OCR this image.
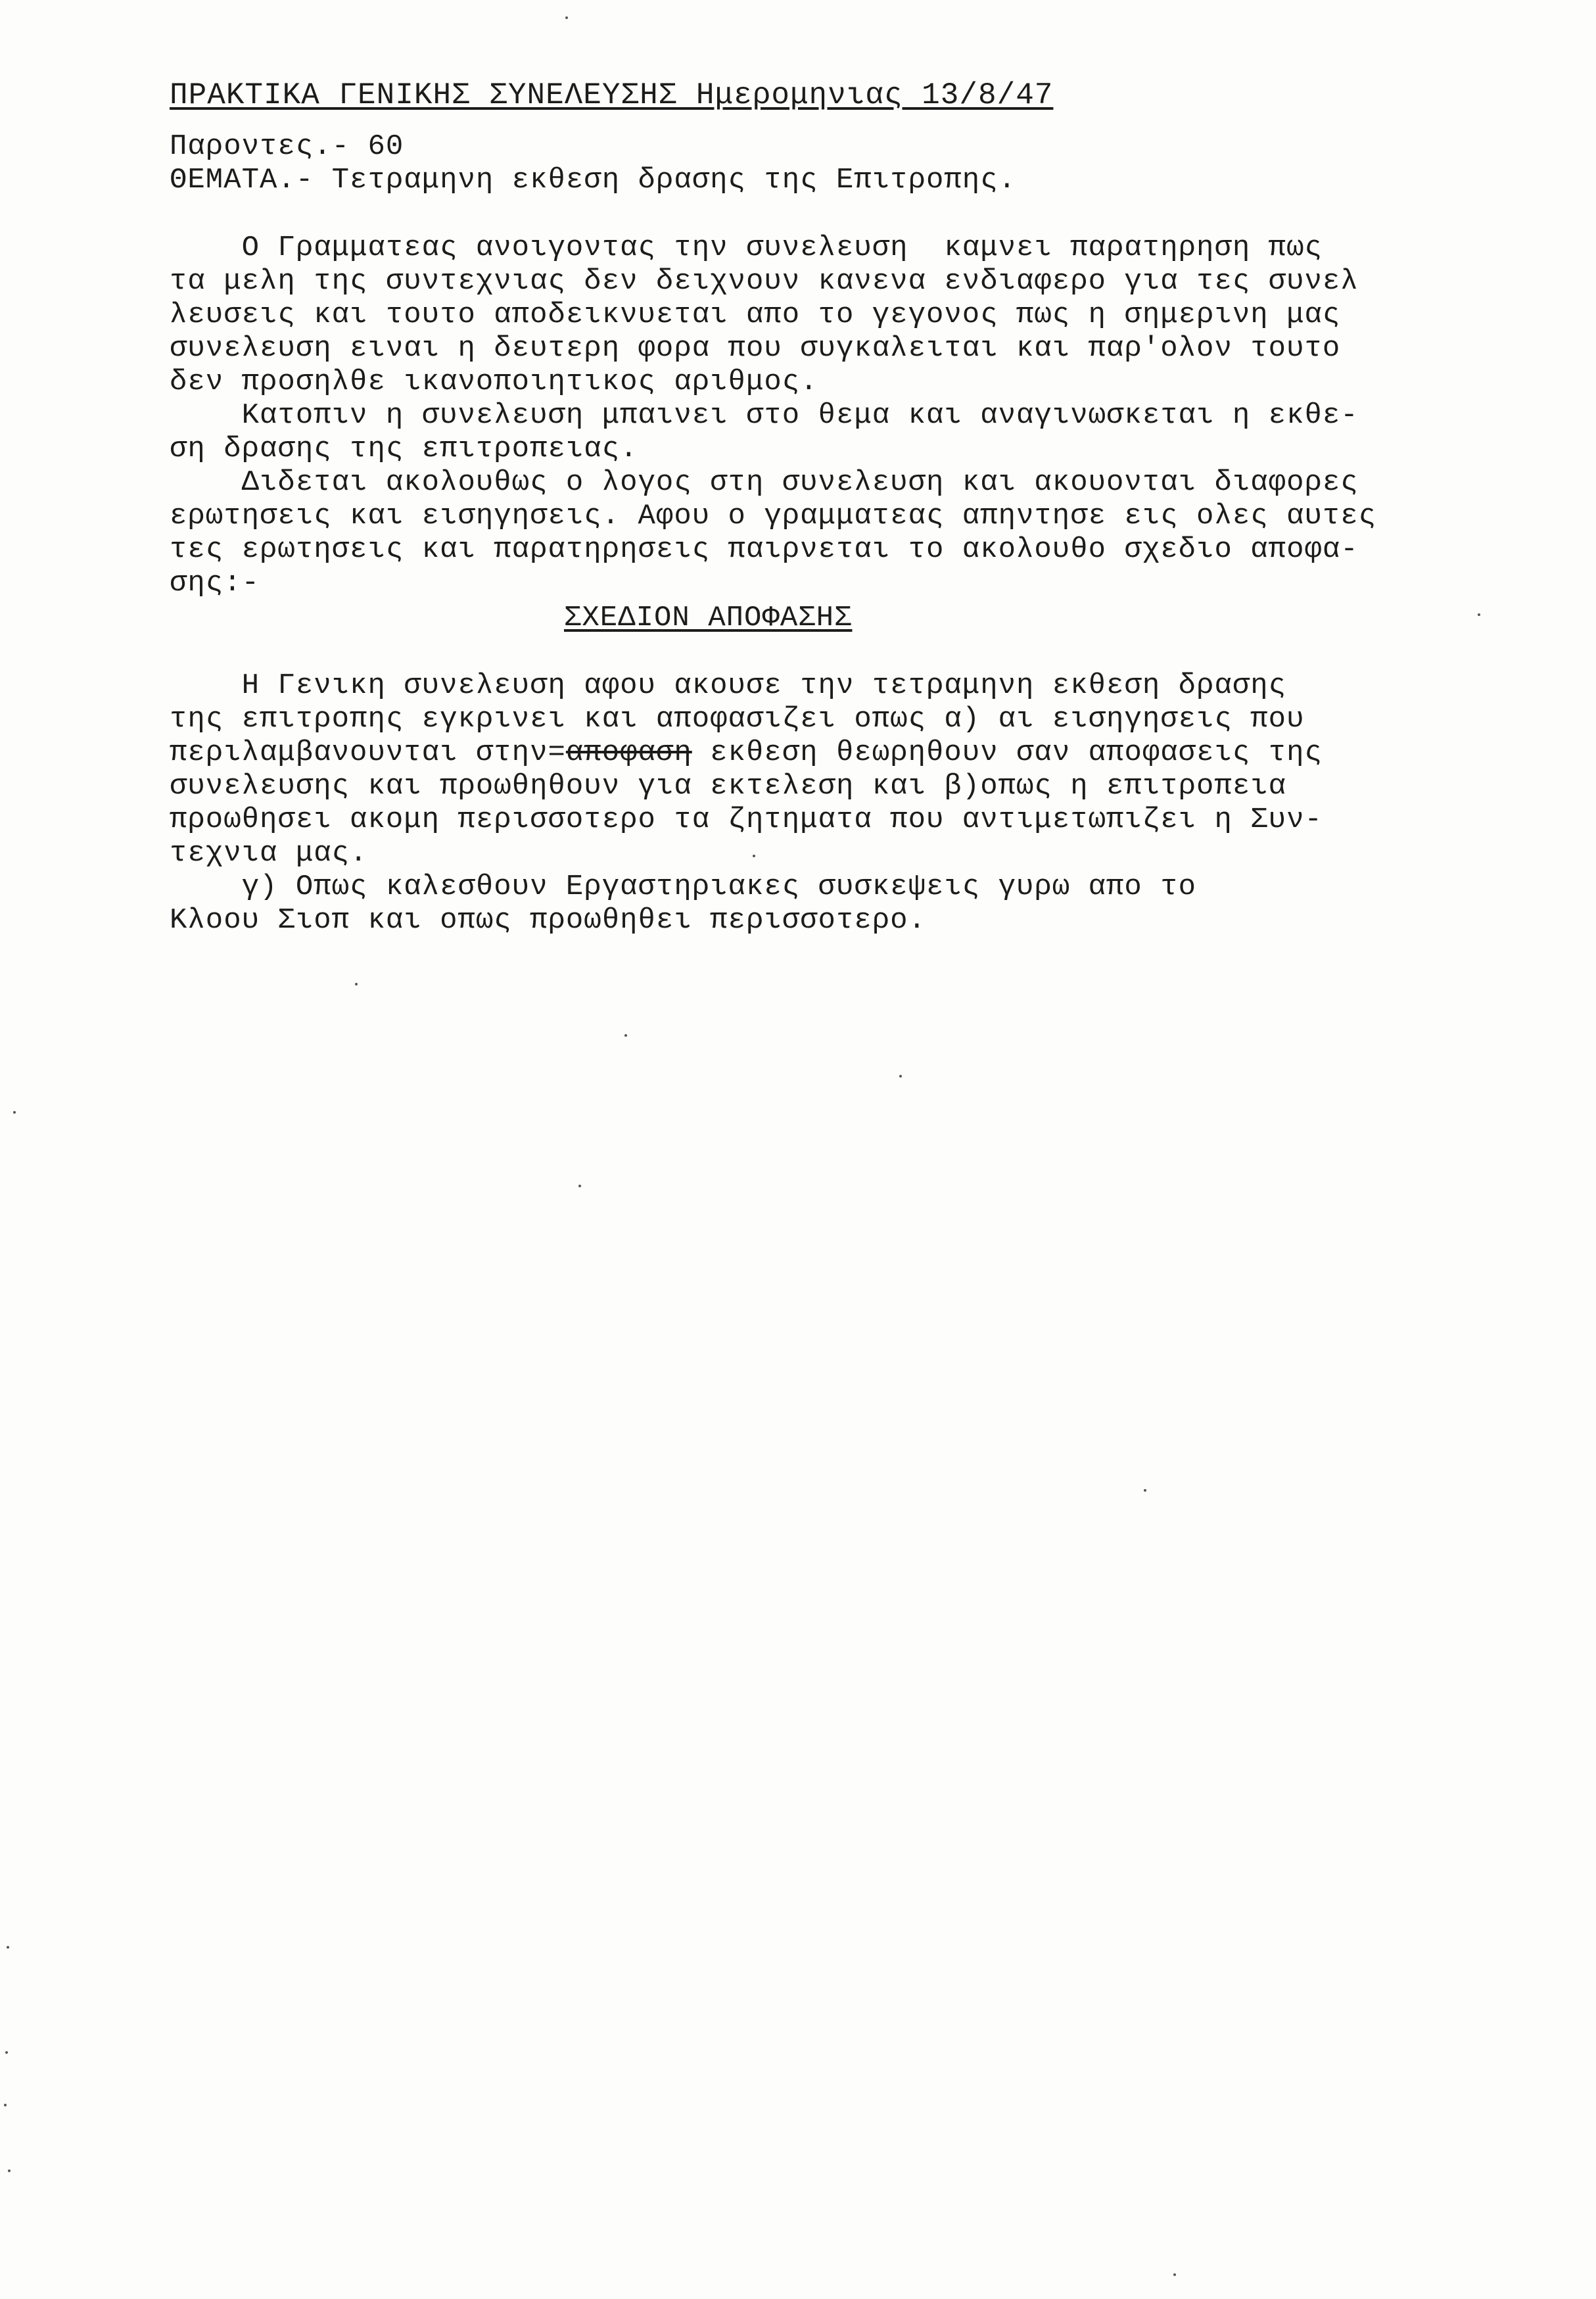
ΠΡΑΚΤΙΚΑ ΓΕΝΙΚΗΣ ΣΥΝΕΛΕΥΣΗΣ Ημερομηνιας 13/8/47
Παροντες.- 60
ΘΕΜΑΤΑ.- Τετραμηνη εκθεση δρασης της Επιτροπης.
Ο Γραμματεας ανοιγοντας την συνελευση  καμνει παρατηρηση πως
τα μελη της συντεχνιας δεν δειχνουν κανενα ενδιαφερο για τες συνελ
λευσεις και τουτο αποδεικνυεται απο το γεγονος πως η σημερινη μας
συνελευση ειναι η δευτερη φορα που συγκαλειται και παρ'ολον τουτο
δεν προσηλθε ικανοποιητικος αριθμος.
Κατοπιν η συνελευση μπαινει στο θεμα και αναγινωσκεται η εκθε-
ση δρασης της επιτροπειας.
Διδεται ακολουθως ο λογος στη συνελευση και ακουονται διαφορες
ερωτησεις και εισηγησεις. Αφου ο γραμματεας απηντησε εις ολες αυτες
τες ερωτησεις και παρατηρησεις παιρνεται το ακολουθο σχεδιο αποφα-
σης:-
ΣΧΕΔΙΟΝ ΑΠΟΦΑΣΗΣ
Η Γενικη συνελευση αφου ακουσε την τετραμηνη εκθεση δρασης
της επιτροπης εγκρινει και αποφασιζει οπως α) αι εισηγησεις που
περιλαμβανουνται στην=αποφαση εκθεση θεωρηθουν σαν αποφασεις της
συνελευσης και προωθηθουν για εκτελεση και β)οπως η επιτροπεια
προωθησει ακομη περισσοτερο τα ζητηματα που αντιμετωπιζει η Συν-
τεχνια μας.
γ) Οπως καλεσθουν Εργαστηριακες συσκεψεις γυρω απο το
Κλοου Σιοπ και οπως προωθηθει περισσοτερο.
